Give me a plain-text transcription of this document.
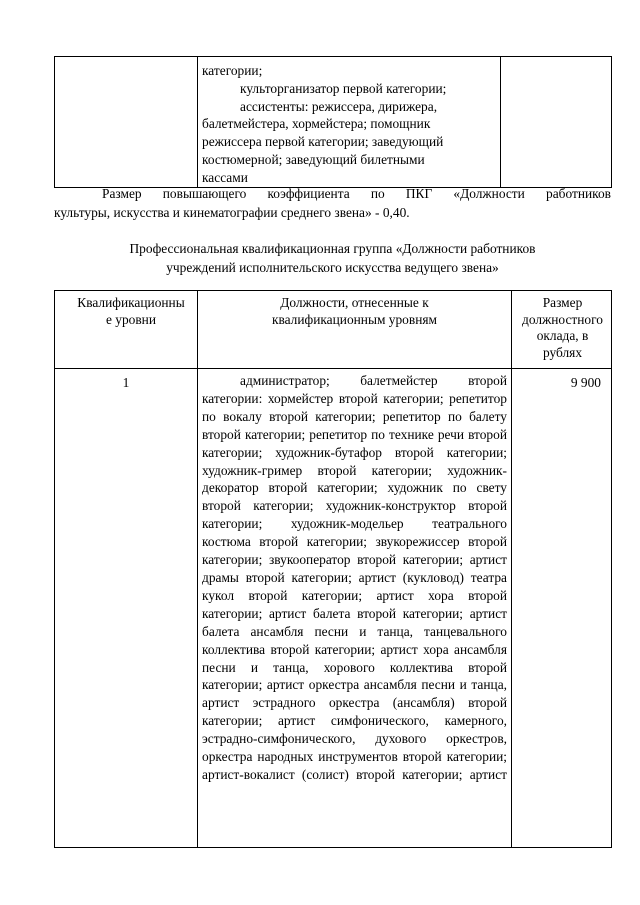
категории;

культорганизатор первой категории;

ассистенты: режиссера, дирижера,

балетмейстера, хормейстера; помощник

режиссера первой категории; заведующий

костюмерной; заведующий билетными

кассами

Размер повышающего коэффициента по ПКГ «Должности работников
культуры, искусства и кинематографии среднего звена» - 0,40.

Профессиональная квалификационная группа «Должности работников
учреждений исполнительского искусства ведущего звена»
Квалификационные уровни	Должности, отнесенные к квалификационным уровням	Размер должностного оклада, в рублях

1	администратор; балетмейстер второй категории: хормейстер второй категории; репетитор по вокалу второй категории; репетитор по балету второй категории; репетитор по технике речи второй категории; художник-бутафор второй категории; художник-гример второй категории; художник-декоратор второй категории; художник по свету второй категории; художник-конструктор второй категории; художник-модельер театрального костюма второй категории; звукорежиссер второй категории; звукооператор второй категории; артист драмы второй категории; артист (кукловод) театра кукол второй категории; артист хора второй категории; артист балета второй категории; артист балета ансамбля песни и танца, танцевального коллектива второй категории; артист хора ансамбля песни и танца, хорового коллектива второй категории; артист оркестра ансамбля песни и танца, артист эстрадного оркестра (ансамбля) второй категории; артист симфонического, камерного, эстрадно-симфонического, духового оркестров, оркестра народных инструментов второй категории; артист-вокалист (солист) второй категории; артист	9 900
